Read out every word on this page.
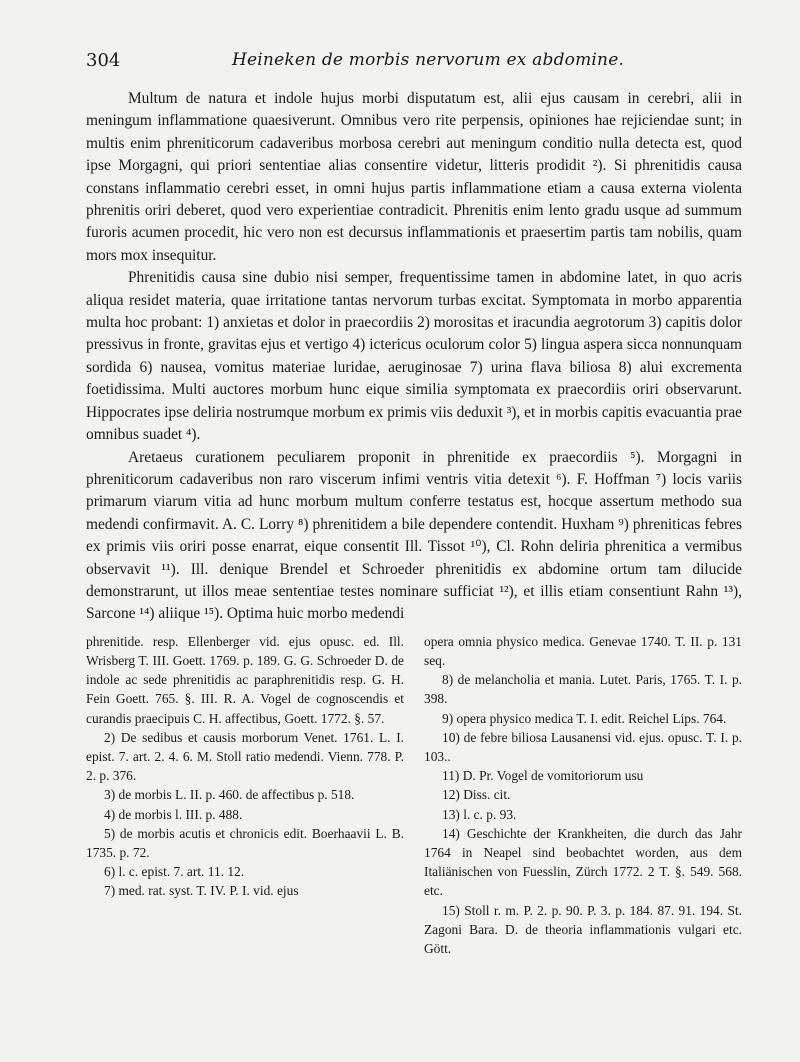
304	Heineken de morbis nervorum ex abdomine.

Multum de natura et indole hujus morbi disputatum est, alii ejus causam in cerebri, alii in meningum inflammatione quaesiverunt. Omnibus vero rite perpensis, opiniones hae rejiciendae sunt; in multis enim phreniticorum cadaveribus morbosa cerebri aut meningum conditio nulla detecta est, quod ipse Morgagni, qui priori sententiae alias consentire videtur, litteris prodidit ²). Si phrenitidis causa constans inflammatio cerebri esset, in omni hujus partis inflammatione etiam a causa externa violenta phrenitis oriri deberet, quod vero experientiae contradicit. Phrenitis enim lento gradu usque ad summum furoris acumen procedit, hic vero non est decursus inflammationis et praesertim partis tam nobilis, quam mors mox insequitur.

Phrenitidis causa sine dubio nisi semper, frequentissime tamen in abdomine latet, in quo acris aliqua residet materia, quae irritatione tantas nervorum turbas excitat. Symptomata in morbo apparentia multa hoc probant: 1) anxietas et dolor in praecordiis 2) morositas et iracundia aegrotorum 3) capitis dolor pressivus in fronte, gravitas ejus et vertigo 4) ictericus oculorum color 5) lingua aspera sicca nonnunquam sordida 6) nausea, vomitus materiae luridae, aeruginosae 7) urina flava biliosa 8) alui excrementa foetidissima. Multi auctores morbum hunc eique similia symptomata ex praecordiis oriri observarunt. Hippocrates ipse deliria nostrumque morbum ex primis viis deduxit ³), et in morbis capitis evacuantia prae omnibus suadet ⁴).

Aretaeus curationem peculiarem proponit in phrenitide ex praecordiis ⁵). Morgagni in phreniticorum cadaveribus non raro viscerum infimi ventris vitia detexit ⁶). F. Hoffman ⁷) locis variis primarum viarum vitia ad hunc morbum multum conferre testatus est, hocque assertum methodo sua medendi confirmavit. A. C. Lorry ⁸) phrenitidem a bile dependere contendit. Huxham ⁹) phreniticas febres ex primis viis oriri posse enarrat, eique consentit Ill. Tissot ¹⁰), Cl. Rohn deliria phrenitica a vermibus observavit ¹¹). Ill. denique Brendel et Schroeder phrenitidis ex abdomine ortum tam dilucide demonstrarunt, ut illos meae sententiae testes nominare sufficiat ¹²), et illis etiam consentiunt Rahn ¹³), Sarcone ¹⁴) aliique ¹⁵). Optima huic morbo medendi

phrenitide. resp. Ellenberger vid. ejus opusc. ed. Ill. Wrisberg T. III. Goett. 1769. p. 189. G. G. Schroeder D. de indole ac sede phrenitidis ac paraphrenitidis resp. G. H. Fein Goett. 765. §. III. R. A. Vogel de cognoscendis et curandis praecipuis C. H. affectibus, Goett. 1772. §. 57.

2) De sedibus et causis morborum Venet. 1761. L. I. epist. 7. art. 2. 4. 6. M. Stoll ratio medendi. Vienn. 778. P. 2. p. 376.

3) de morbis L. II. p. 460. de affectibus p. 518.

4) de morbis l. III. p. 488.

5) de morbis acutis et chronicis edit. Boerhaavii L. B. 1735. p. 72.

6) l. c. epist. 7. art. 11. 12.

7) med. rat. syst. T. IV. P. I. vid. ejus

opera omnia physico medica. Genevae 1740. T. II. p. 131 seq.

8) de melancholia et mania. Lutet. Paris, 1765. T. I. p. 398.

9) opera physico medica T. I. edit. Reichel Lips. 764.

10) de febre biliosa Lausanensi vid. ejus. opusc. T. I. p. 103..

11) D. Pr. Vogel de vomitoriorum usu

12) Diss. cit.

13) l. c. p. 93.

14) Geschichte der Krankheiten, die durch das Jahr 1764 in Neapel sind beobachtet worden, aus dem Italiänischen von Fuesslin, Zürch 1772. 2 T. §. 549. 568. etc.

15) Stoll r. m. P. 2. p. 90. P. 3. p. 184. 87. 91. 194. St. Zagoni Bara. D. de theoria inflammationis vulgari etc. Gött.
